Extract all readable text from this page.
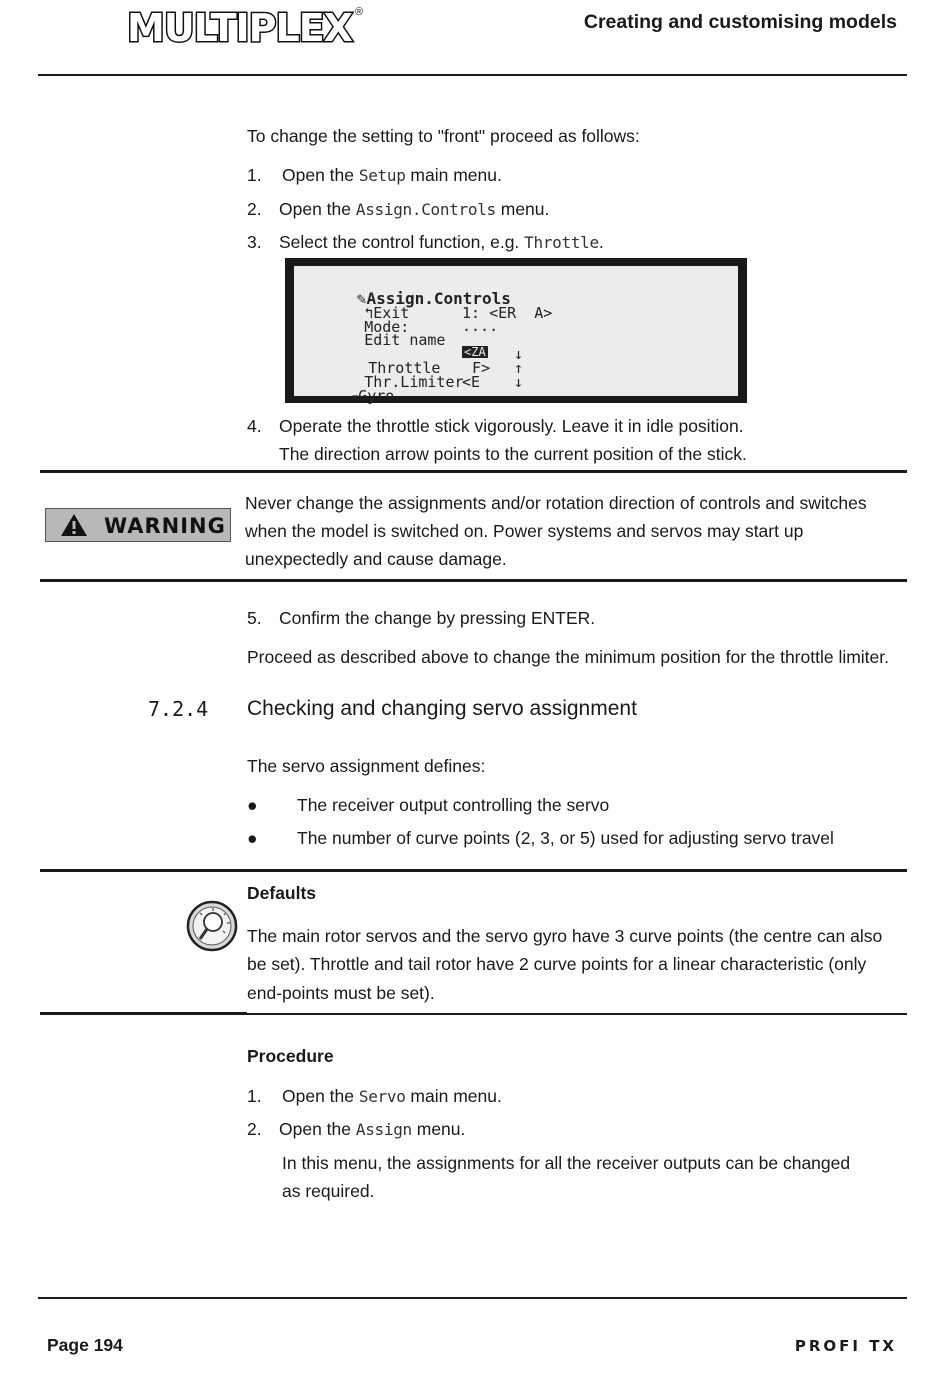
MULTIPLEX ®	Creating and customising models
To change the setting to "front" proceed as follows:
1. Open the Setup main menu.
2. Open the Assign.Controls menu.
3. Select the control function, e.g. Throttle.

✎Assign.Controls

↰Exit

Mode:

1: <ER  A>

Edit name

....

Throttle

<ZA ↓

Thr.Limiter

F> ↑

▼Gyro

<E ↓
4. Operate the throttle stick vigorously. Leave it in idle position.
The direction arrow points to the current position of the stick.
WARNING
Never change the assignments and/or rotation direction of controls and switches
when the model is switched on. Power systems and servos may start up
unexpectedly and cause damage.
5. Confirm the change by pressing ENTER.
Proceed as described above to change the minimum position for the throttle limiter.
7.2.4 Checking and changing servo assignment
The servo assignment defines:
● The receiver output controlling the servo
● The number of curve points (2, 3, or 5) used for adjusting servo travel
Defaults
The main rotor servos and the servo gyro have 3 curve points (the centre can also
be set). Throttle and tail rotor have 2 curve points for a linear characteristic (only
end-points must be set).
Procedure
1. Open the Servo main menu.
2. Open the Assign menu.
In this menu, the assignments for all the receiver outputs can be changed
as required.
Page 194	PROFI TX
